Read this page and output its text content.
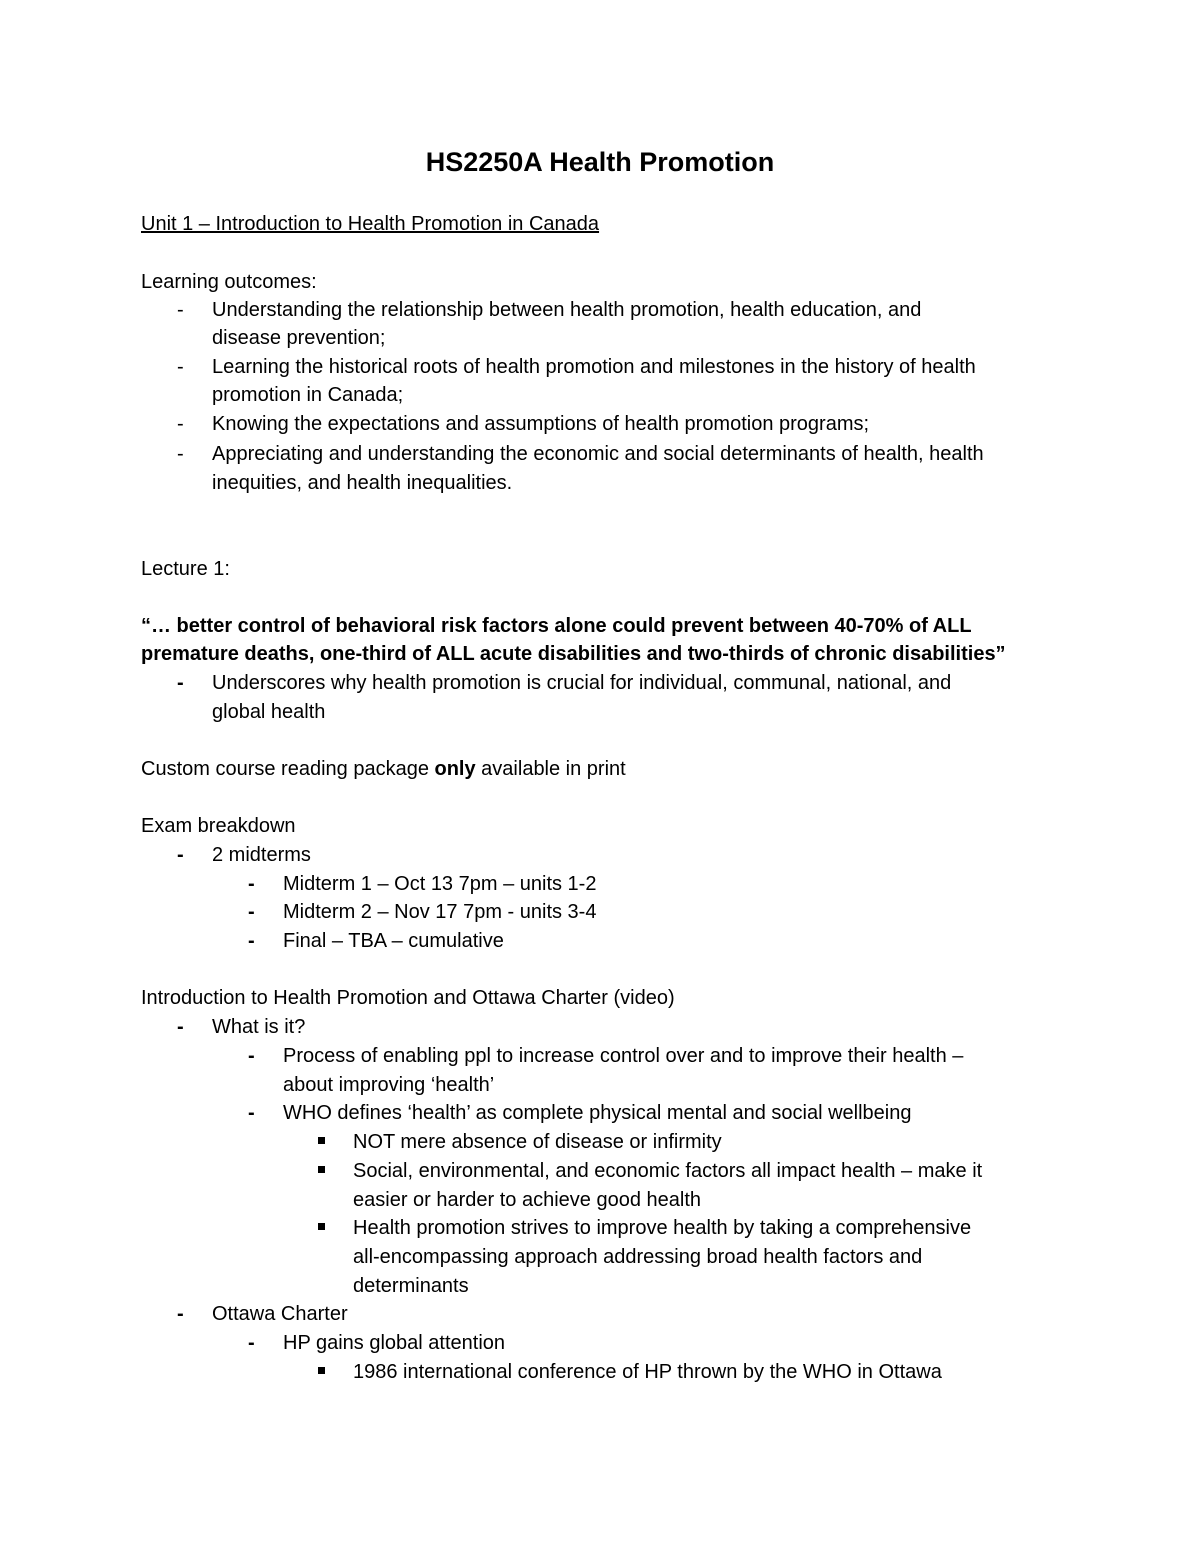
HS2250A Health Promotion
Unit 1 – Introduction to Health Promotion in Canada
Learning outcomes:
- Understanding the relationship between health promotion, health education, and
disease prevention;
- Learning the historical roots of health promotion and milestones in the history of health
promotion in Canada;
- Knowing the expectations and assumptions of health promotion programs;
- Appreciating and understanding the economic and social determinants of health, health
inequities, and health inequalities.
Lecture 1:
“… better control of behavioral risk factors alone could prevent between 40-70% of ALL
premature deaths, one-third of ALL acute disabilities and two-thirds of chronic disabilities”
- Underscores why health promotion is crucial for individual, communal, national, and
global health
Custom course reading package only available in print
Exam breakdown
- 2 midterms
- Midterm 1 – Oct 13 7pm – units 1-2
- Midterm 2 – Nov 17 7pm - units 3-4
- Final – TBA – cumulative
Introduction to Health Promotion and Ottawa Charter (video)
- What is it?
- Process of enabling ppl to increase control over and to improve their health –
about improving ‘health’
- WHO defines ‘health’ as complete physical mental and social wellbeing
NOT mere absence of disease or infirmity
Social, environmental, and economic factors all impact health – make it
easier or harder to achieve good health
Health promotion strives to improve health by taking a comprehensive
all-encompassing approach addressing broad health factors and
determinants
- Ottawa Charter
- HP gains global attention
1986 international conference of HP thrown by the WHO in Ottawa
